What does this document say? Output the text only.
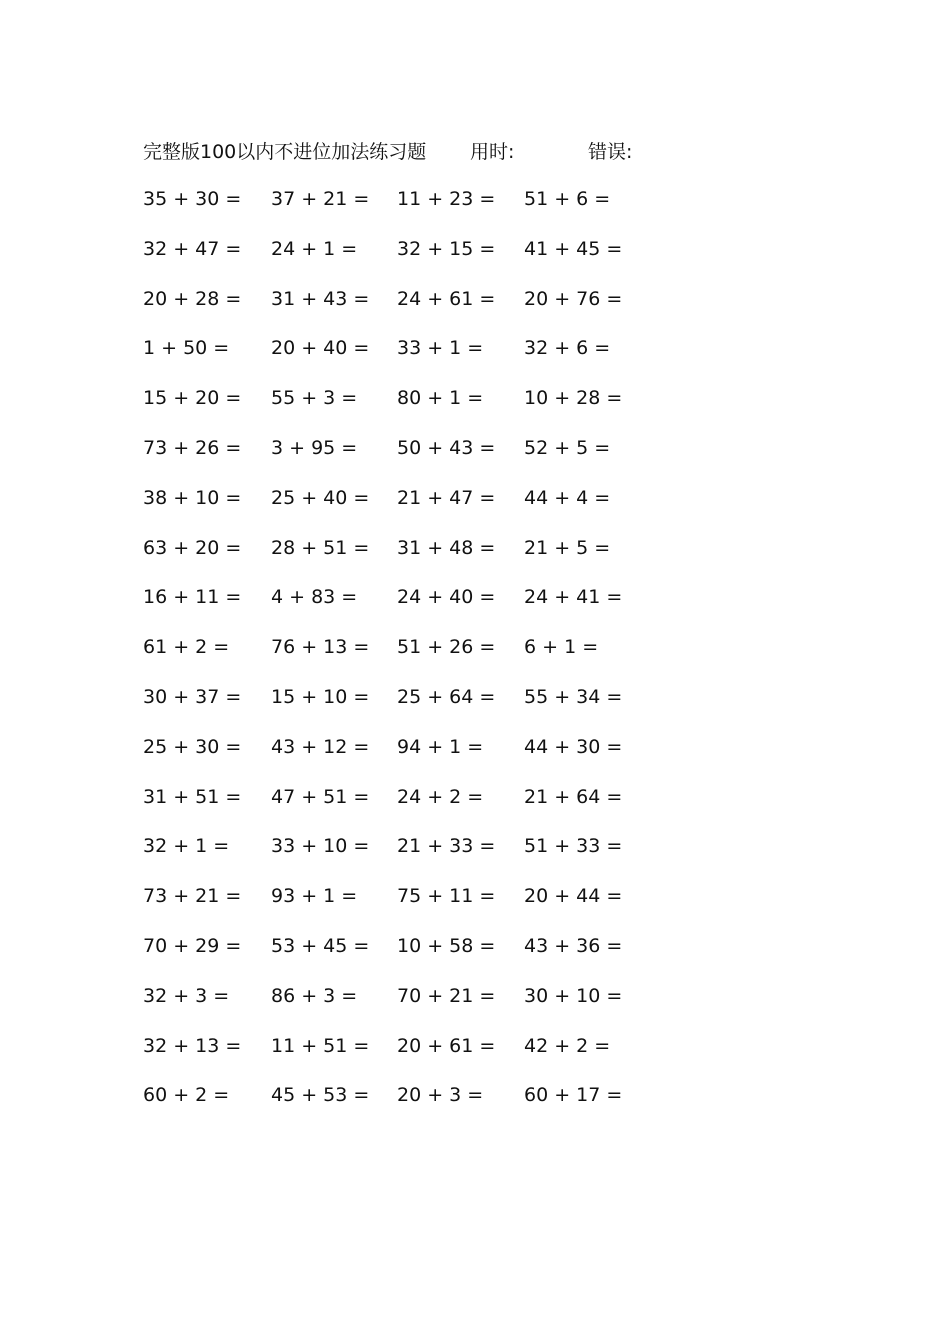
完整版100以内不进位加法练习题 用时:	错误:
35 + 30 = 37 + 21 = 11 + 23 = 51 + 6 =
32 + 47 = 24 + 1 = 32 + 15 = 41 + 45 =
20 + 28 = 31 + 43 = 24 + 61 = 20 + 76 =
1 + 50 = 20 + 40 = 33 + 1 = 32 + 6 =
15 + 20 = 55 + 3 = 80 + 1 = 10 + 28 =
73 + 26 = 3 + 95 = 50 + 43 = 52 + 5 =
38 + 10 = 25 + 40 = 21 + 47 = 44 + 4 =
63 + 20 = 28 + 51 = 31 + 48 = 21 + 5 =
16 + 11 = 4 + 83 = 24 + 40 = 24 + 41 =
61 + 2 = 76 + 13 = 51 + 26 = 6 + 1 =
30 + 37 = 15 + 10 = 25 + 64 = 55 + 34 =
25 + 30 = 43 + 12 = 94 + 1 = 44 + 30 =
31 + 51 = 47 + 51 = 24 + 2 = 21 + 64 =
32 + 1 = 33 + 10 = 21 + 33 = 51 + 33 =
73 + 21 = 93 + 1 = 75 + 11 = 20 + 44 =
70 + 29 = 53 + 45 = 10 + 58 = 43 + 36 =
32 + 3 = 86 + 3 = 70 + 21 = 30 + 10 =
32 + 13 = 11 + 51 = 20 + 61 = 42 + 2 =
60 + 2 = 45 + 53 = 20 + 3 = 60 + 17 =
